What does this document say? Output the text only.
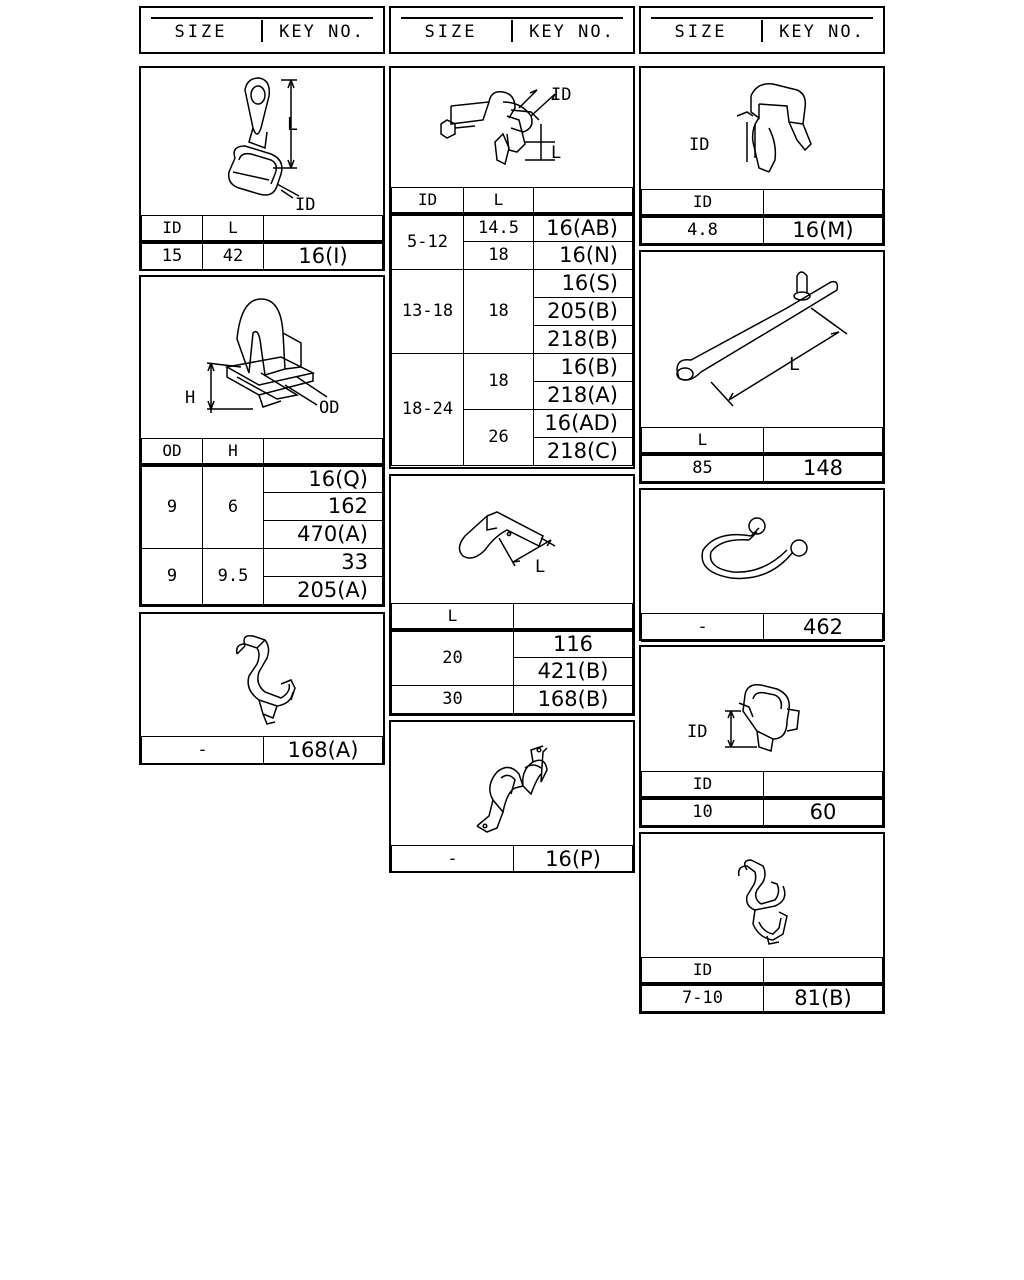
SIZE	KEY NO.	SIZE	KEY NO.	SIZE	KEY NO.
L
ID
ID	L	
15	42	16(I)
H	OD
OD	H	
9	6	16(Q)
		162
		470(A)
9	9.5	33
		205(A)
-	168(A)
ID
L
ID	L	
5-12	14.5	16(AB)
	18	16(N)
13-18	18	16(S)
		205(B)
		218(B)
18-24	18	16(B)
		218(A)
	26	16(AD)
		218(C)
L
L	
20	116
	421(B)
30	168(B)
-	16(P)
ID
ID	
4.8	16(M)
L
L	
85	148
-	462
ID
ID	
10	60
ID	
7-10	81(B)
